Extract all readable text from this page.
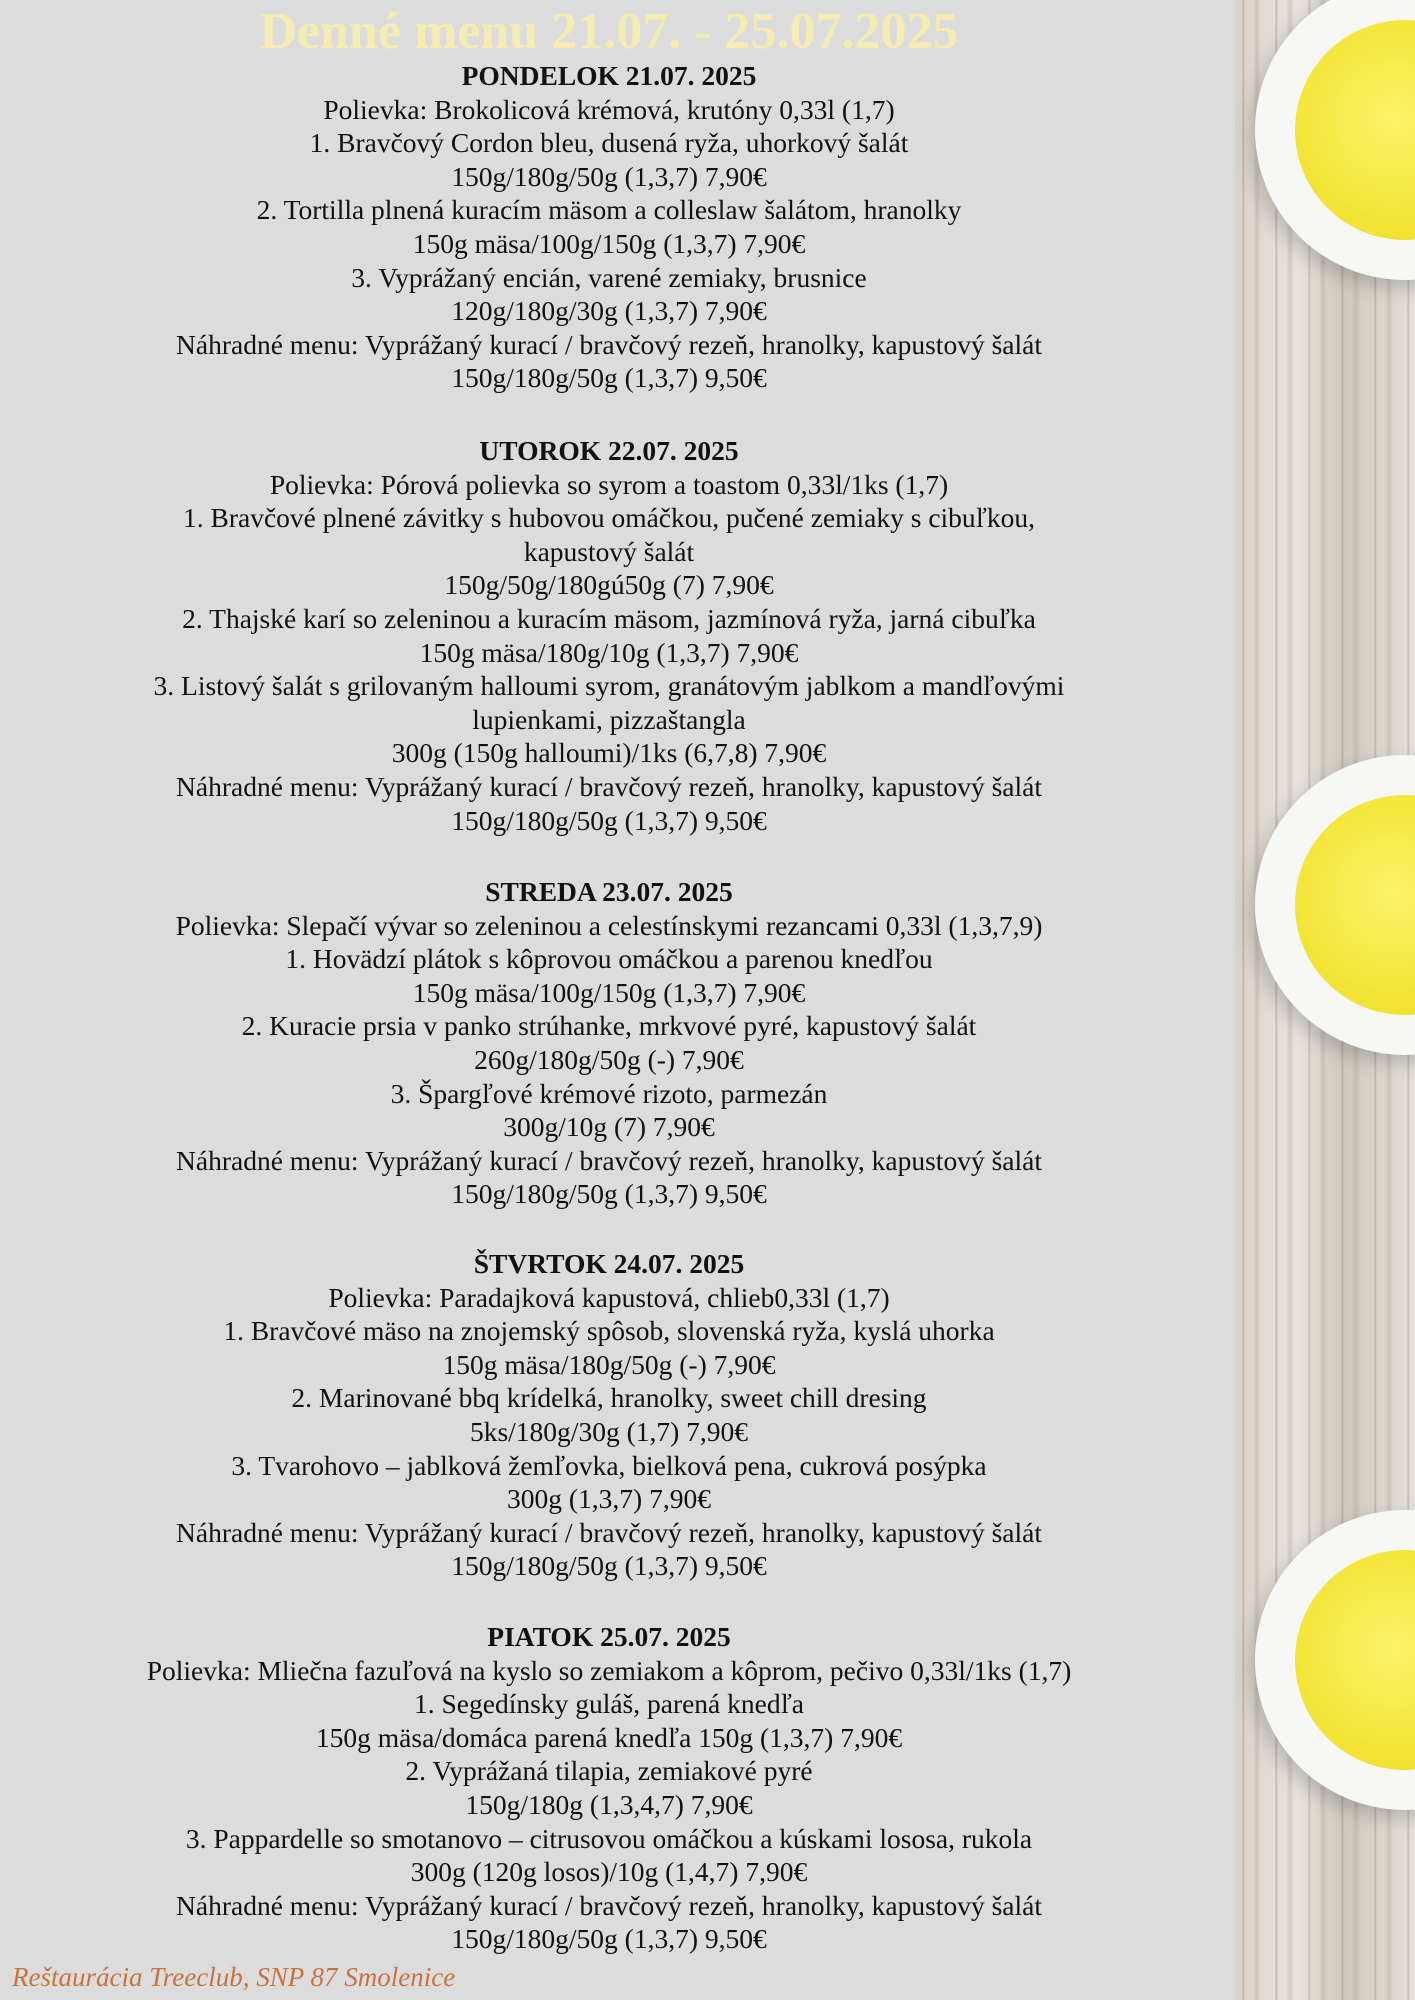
Denné menu 21.07. - 25.07.2025
PONDELOK 21.07. 2025
Polievka: Brokolicová krémová, krutóny 0,33l (1,7)
1. Bravčový Cordon bleu, dusená ryža, uhorkový šalát
150g/180g/50g (1,3,7) 7,90€
2. Tortilla plnená kuracím mäsom a colleslaw šalátom, hranolky
150g mäsa/100g/150g (1,3,7) 7,90€
3. Vyprážaný encián, varené zemiaky, brusnice
120g/180g/30g (1,3,7) 7,90€
Náhradné menu: Vyprážaný kurací / bravčový rezeň, hranolky, kapustový šalát
150g/180g/50g (1,3,7) 9,50€
UTOROK 22.07. 2025
Polievka: Pórová polievka so syrom a toastom 0,33l/1ks (1,7)
1. Bravčové plnené závitky s hubovou omáčkou, pučené zemiaky s cibuľkou,
kapustový šalát
150g/50g/180gú50g (7) 7,90€
2. Thajské karí so zeleninou a kuracím mäsom, jazmínová ryža, jarná cibuľka
150g mäsa/180g/10g (1,3,7) 7,90€
3. Listový šalát s grilovaným halloumi syrom, granátovým jablkom a mandľovými
lupienkami, pizzaštangla
300g (150g halloumi)/1ks (6,7,8) 7,90€
Náhradné menu: Vyprážaný kurací / bravčový rezeň, hranolky, kapustový šalát
150g/180g/50g (1,3,7) 9,50€
STREDA 23.07. 2025
Polievka: Slepačí vývar so zeleninou a celestínskymi rezancami 0,33l (1,3,7,9)
1. Hovädzí plátok s kôprovou omáčkou a parenou knedľou
150g mäsa/100g/150g (1,3,7) 7,90€
2. Kuracie prsia v panko strúhanke, mrkvové pyré, kapustový šalát
260g/180g/50g (-) 7,90€
3. Špargľové krémové rizoto, parmezán
300g/10g (7) 7,90€
Náhradné menu: Vyprážaný kurací / bravčový rezeň, hranolky, kapustový šalát
150g/180g/50g (1,3,7) 9,50€
ŠTVRTOK 24.07. 2025
Polievka: Paradajková kapustová, chlieb0,33l (1,7)
1. Bravčové mäso na znojemský spôsob, slovenská ryža, kyslá uhorka
150g mäsa/180g/50g (-) 7,90€
2. Marinované bbq krídelká, hranolky, sweet chill dresing
5ks/180g/30g (1,7) 7,90€
3. Tvarohovo – jablková žemľovka, bielková pena, cukrová posýpka
300g (1,3,7) 7,90€
Náhradné menu: Vyprážaný kurací / bravčový rezeň, hranolky, kapustový šalát
150g/180g/50g (1,3,7) 9,50€
PIATOK 25.07. 2025
Polievka: Mliečna fazuľová na kyslo so zemiakom a kôprom, pečivo 0,33l/1ks (1,7)
1. Segedínsky guláš, parená knedľa
150g mäsa/domáca parená knedľa 150g (1,3,7) 7,90€
2. Vyprážaná tilapia, zemiakové pyré
150g/180g (1,3,4,7) 7,90€
3. Pappardelle so smotanovo – citrusovou omáčkou a kúskami lososa, rukola
300g (120g losos)/10g (1,4,7) 7,90€
Náhradné menu: Vyprážaný kurací / bravčový rezeň, hranolky, kapustový šalát
150g/180g/50g (1,3,7) 9,50€
Reštaurácia Treeclub, SNP 87 Smolenice
